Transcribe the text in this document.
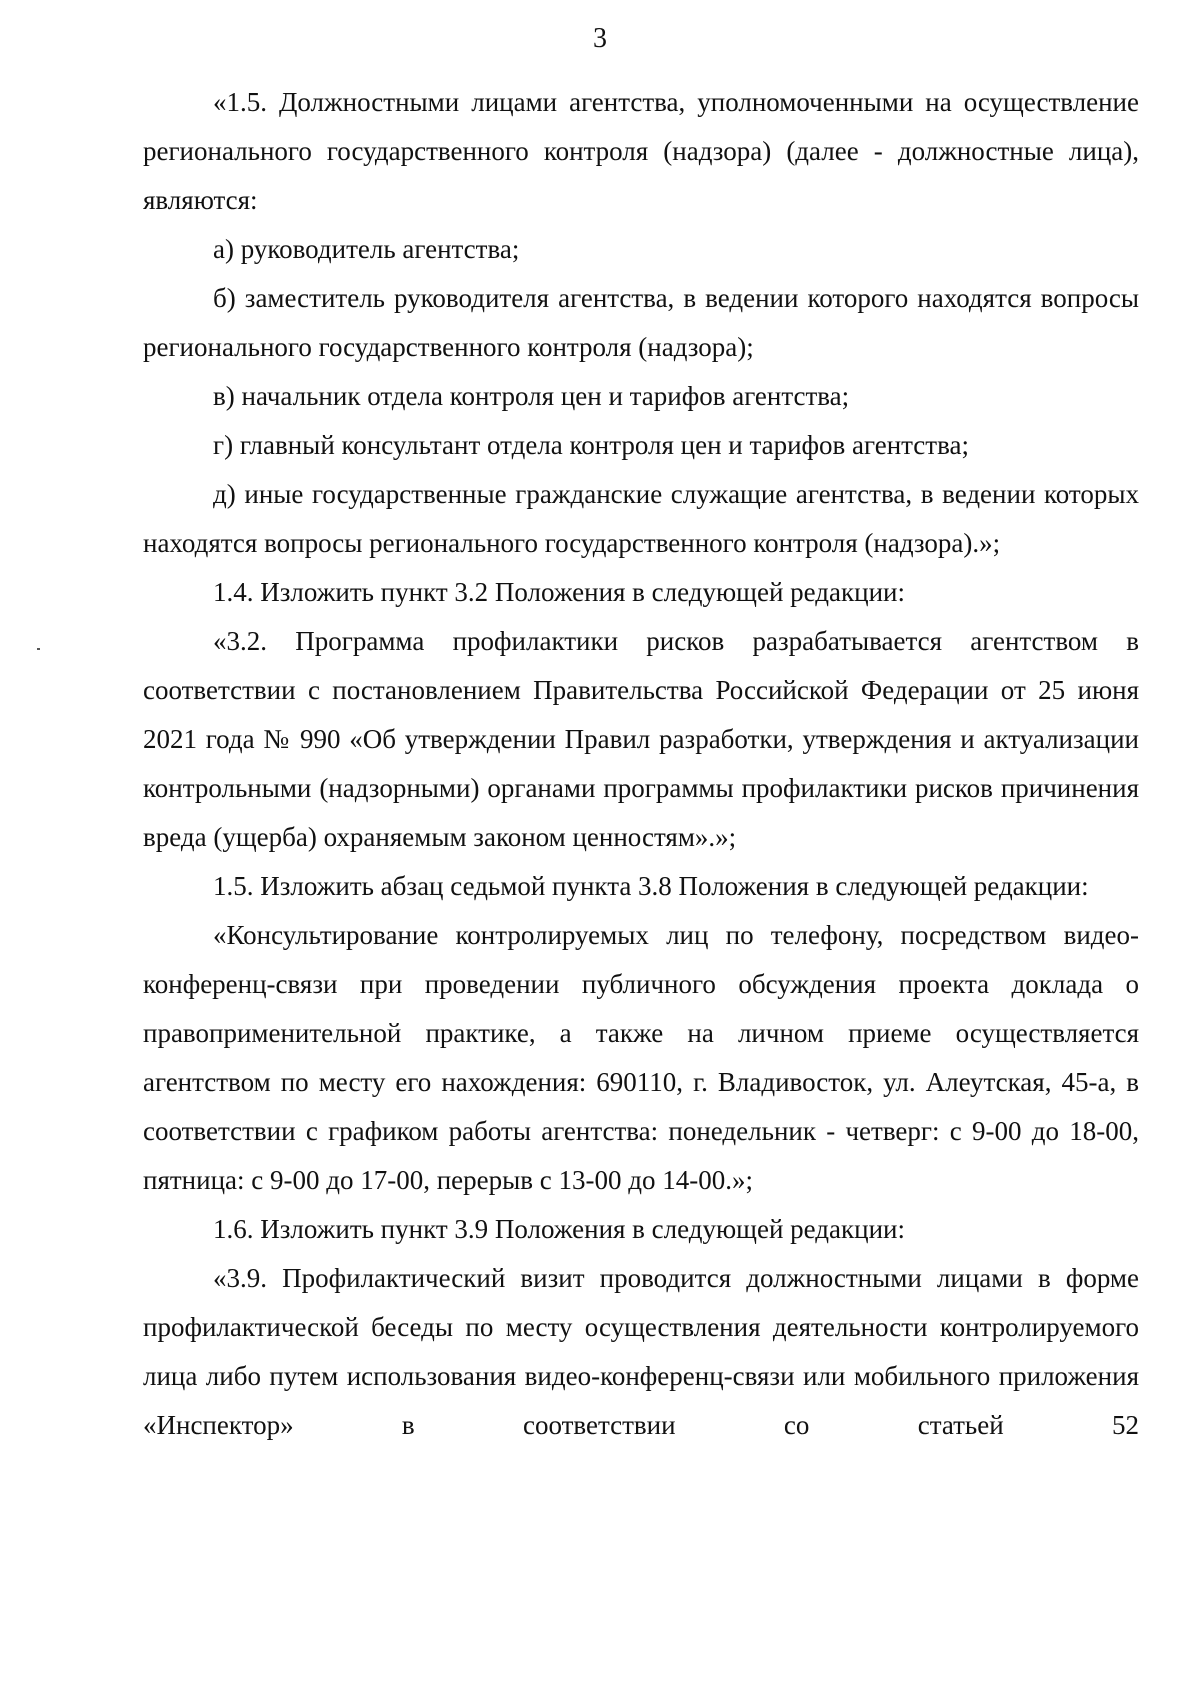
3

«1.5. Должностными лицами агентства, уполномоченными на осуществление регионального государственного контроля (надзора) (далее - должностные лица), являются:

а) руководитель агентства;

б) заместитель руководителя агентства, в ведении которого находятся вопросы регионального государственного контроля (надзора);

в) начальник отдела контроля цен и тарифов агентства;

г) главный консультант отдела контроля цен и тарифов агентства;

д) иные государственные гражданские служащие агентства, в ведении которых находятся вопросы регионального государственного контроля (надзора).»;

1.4. Изложить пункт 3.2 Положения в следующей редакции:

«3.2. Программа профилактики рисков разрабатывается агентством в соответствии с постановлением Правительства Российской Федерации от 25 июня 2021 года № 990 «Об утверждении Правил разработки, утверждения и актуализации контрольными (надзорными) органами программы профилактики рисков причинения вреда (ущерба) охраняемым законом ценностям».»;

1.5. Изложить абзац седьмой пункта 3.8 Положения в следующей редакции:

«Консультирование контролируемых лиц по телефону, посредством видео-конференц-связи при проведении публичного обсуждения проекта доклада о правоприменительной практике, а также на личном приеме осуществляется агентством по месту его нахождения: 690110, г. Владивосток, ул. Алеутская, 45-а, в соответствии с графиком работы агентства: понедельник - четверг: с 9-00 до 18-00, пятница: с 9-00 до 17-00, перерыв с 13-00 до 14-00.»;

1.6. Изложить пункт 3.9 Положения в следующей редакции:

«3.9. Профилактический визит проводится должностными лицами в форме профилактической беседы по месту осуществления деятельности контролируемого лица либо путем использования видео-конференц-связи или мобильного приложения «Инспектор» в соответствии со статьей 52
